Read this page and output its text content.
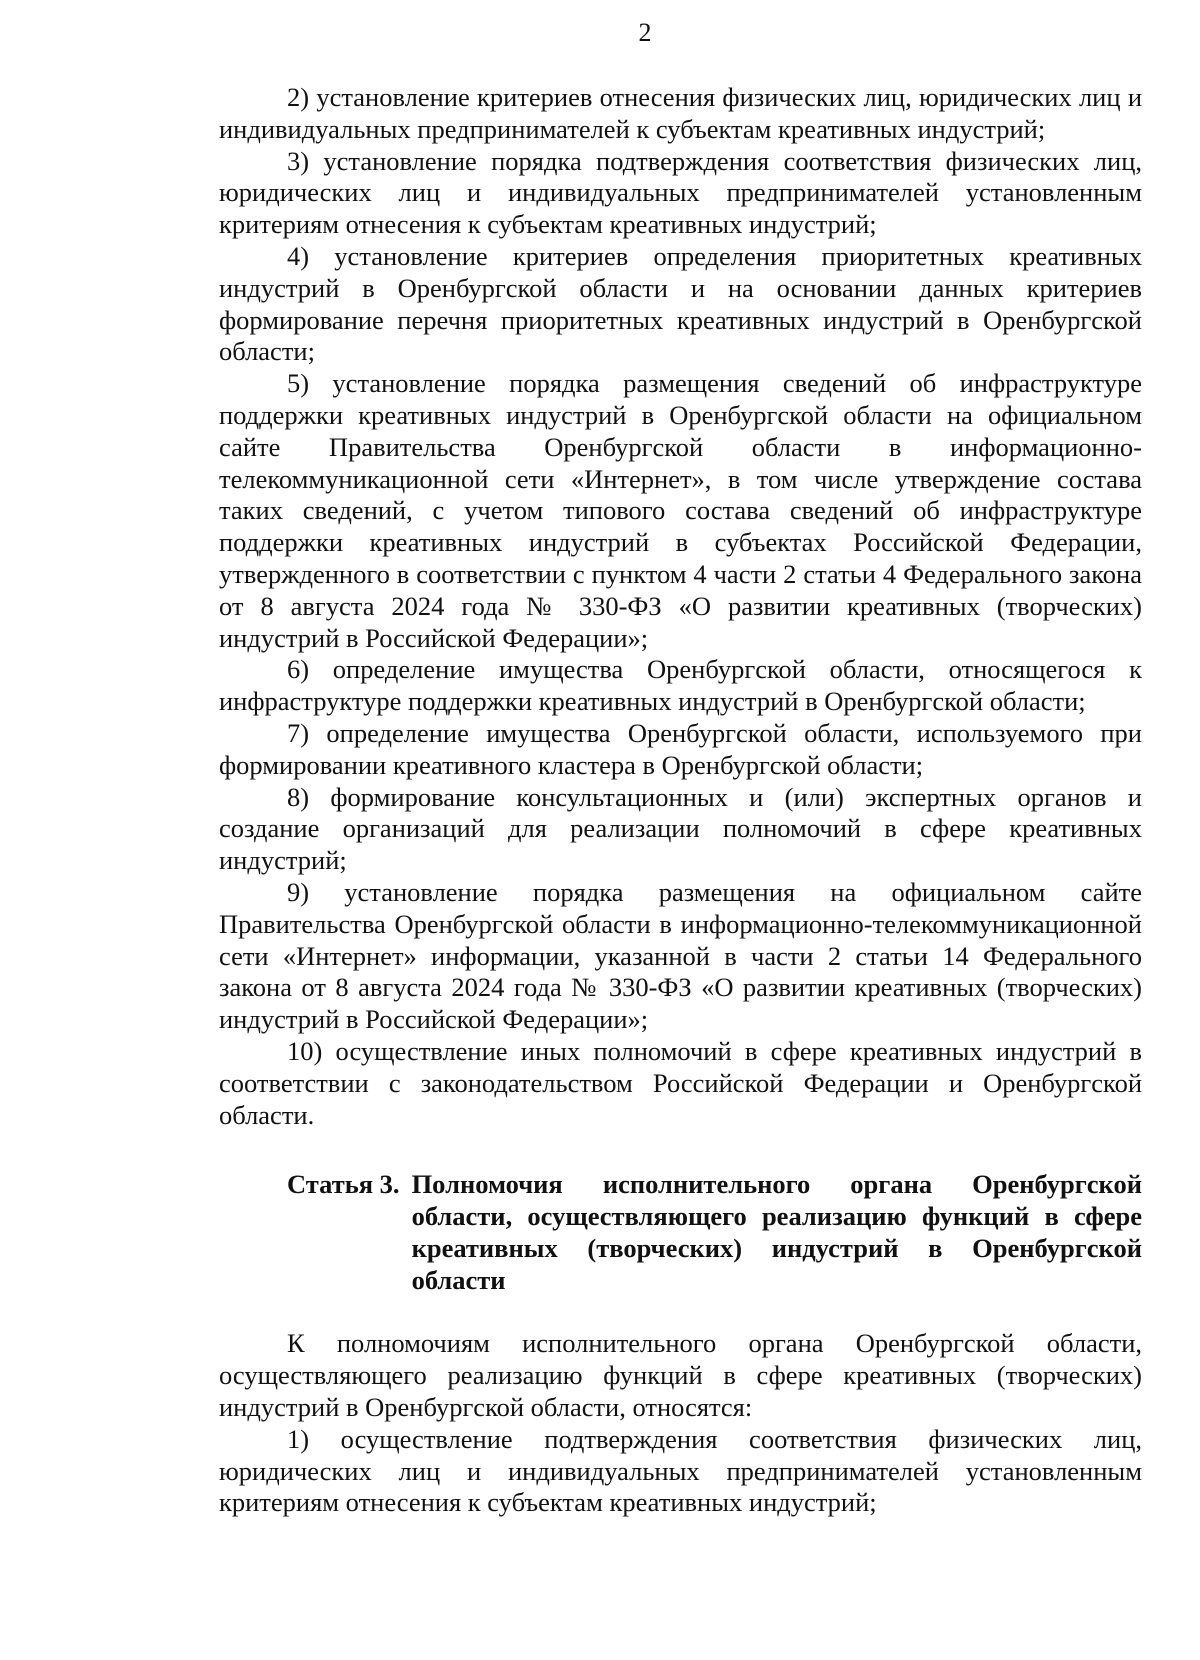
2

2) установление критериев отнесения физических лиц, юридических лиц и индивидуальных предпринимателей к субъектам креативных индустрий;

3) установление порядка подтверждения соответствия физических лиц, юридических лиц и индивидуальных предпринимателей установленным критериям отнесения к субъектам креативных индустрий;

4) установление критериев определения приоритетных креативных индустрий в Оренбургской области и на основании данных критериев формирование перечня приоритетных креативных индустрий в Оренбургской области;

5) установление порядка размещения сведений об инфраструктуре поддержки креативных индустрий в Оренбургской области на официальном сайте Правительства Оренбургской области в информационно-телекоммуникационной сети «Интернет», в том числе утверждение состава таких сведений, с учетом типового состава сведений об инфраструктуре поддержки креативных индустрий в субъектах Российской Федерации, утвержденного в соответствии с пунктом 4 части 2 статьи 4 Федерального закона от 8 августа 2024 года № 330-ФЗ «О развитии креативных (творческих) индустрий в Российской Федерации»;

6) определение имущества Оренбургской области, относящегося к инфраструктуре поддержки креативных индустрий в Оренбургской области;

7) определение имущества Оренбургской области, используемого при формировании креативного кластера в Оренбургской области;

8) формирование консультационных и (или) экспертных органов и создание организаций для реализации полномочий в сфере креативных индустрий;

9) установление порядка размещения на официальном сайте Правительства Оренбургской области в информационно-телекоммуникационной сети «Интернет» информации, указанной в части 2 статьи 14 Федерального закона от 8 августа 2024 года № 330-ФЗ «О развитии креативных (творческих) индустрий в Российской Федерации»;

10) осуществление иных полномочий в сфере креативных индустрий в соответствии с законодательством Российской Федерации и Оренбургской области.

Статья 3. Полномочия исполнительного органа Оренбургской области, осуществляющего реализацию функций в сфере креативных (творческих) индустрий в Оренбургской области

К полномочиям исполнительного органа Оренбургской области, осуществляющего реализацию функций в сфере креативных (творческих) индустрий в Оренбургской области, относятся:

1) осуществление подтверждения соответствия физических лиц, юридических лиц и индивидуальных предпринимателей установленным критериям отнесения к субъектам креативных индустрий;
